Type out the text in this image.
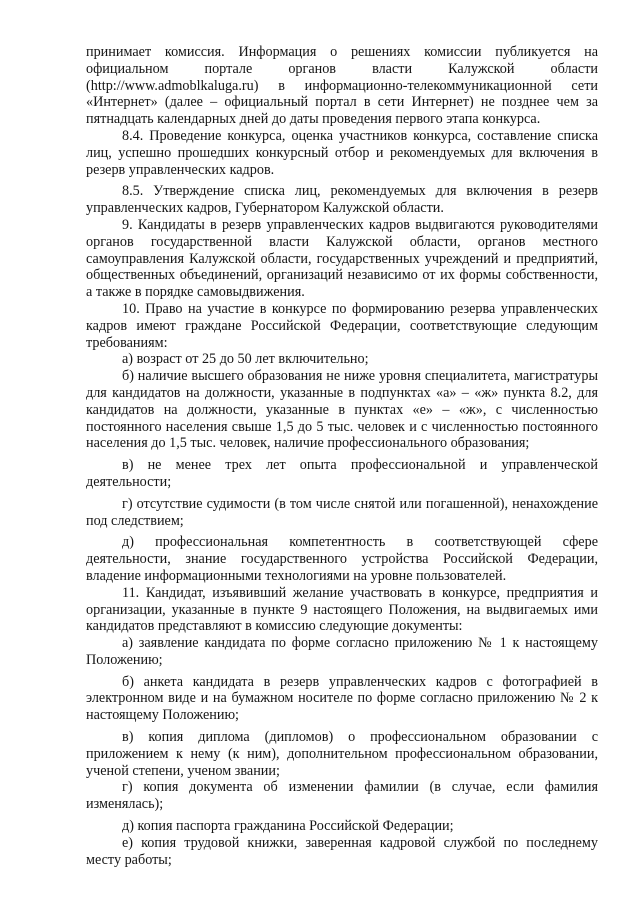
принимает комиссия. Информация о решениях комиссии публикуется на официальном портале органов власти Калужской области (http://www.admoblkaluga.ru) в информационно-телекоммуникационной сети «Интернет» (далее – официальный портал в сети Интернет) не позднее чем за пятнадцать календарных дней до даты проведения первого этапа конкурса.

8.4. Проведение конкурса, оценка участников конкурса, составление списка лиц, успешно прошедших конкурсный отбор и рекомендуемых для включения в резерв управленческих кадров.

8.5. Утверждение списка лиц, рекомендуемых для включения в резерв управленческих кадров, Губернатором Калужской области.

9. Кандидаты в резерв управленческих кадров выдвигаются руководителями органов государственной власти Калужской области, органов местного самоуправления Калужской области, государственных учреждений и предприятий, общественных объединений, организаций независимо от их формы собственности, а также в порядке самовыдвижения.

10. Право на участие в конкурсе по формированию резерва управленческих кадров имеют граждане Российской Федерации, соответствующие следующим требованиям:

а) возраст от 25 до 50 лет включительно;

б) наличие высшего образования не ниже уровня специалитета, магистратуры для кандидатов на должности, указанные в подпунктах «а» – «ж» пункта 8.2, для кандидатов на должности, указанные в пунктах «е» – «ж», с численностью постоянного населения свыше 1,5 до 5 тыс. человек и с численностью постоянного населения до 1,5 тыс. человек, наличие профессионального образования;

в) не менее трех лет опыта профессиональной и управленческой деятельности;

г) отсутствие судимости (в том числе снятой или погашенной), ненахождение под следствием;

д) профессиональная компетентность в соответствующей сфере деятельности, знание государственного устройства Российской Федерации, владение информационными технологиями на уровне пользователей.

11. Кандидат, изъявивший желание участвовать в конкурсе, предприятия и организации, указанные в пункте 9 настоящего Положения, на выдвигаемых ими кандидатов представляют в комиссию следующие документы:

а) заявление кандидата по форме согласно приложению № 1 к настоящему Положению;

б) анкета кандидата в резерв управленческих кадров с фотографией в электронном виде и на бумажном носителе по форме согласно приложению № 2 к настоящему Положению;

в) копия диплома (дипломов) о профессиональном образовании с приложением к нему (к ним), дополнительном профессиональном образовании, ученой степени, ученом звании;

г) копия документа об изменении фамилии (в случае, если фамилия изменялась);

д) копия паспорта гражданина Российской Федерации;

е) копия трудовой книжки, заверенная кадровой службой по последнему месту работы;
